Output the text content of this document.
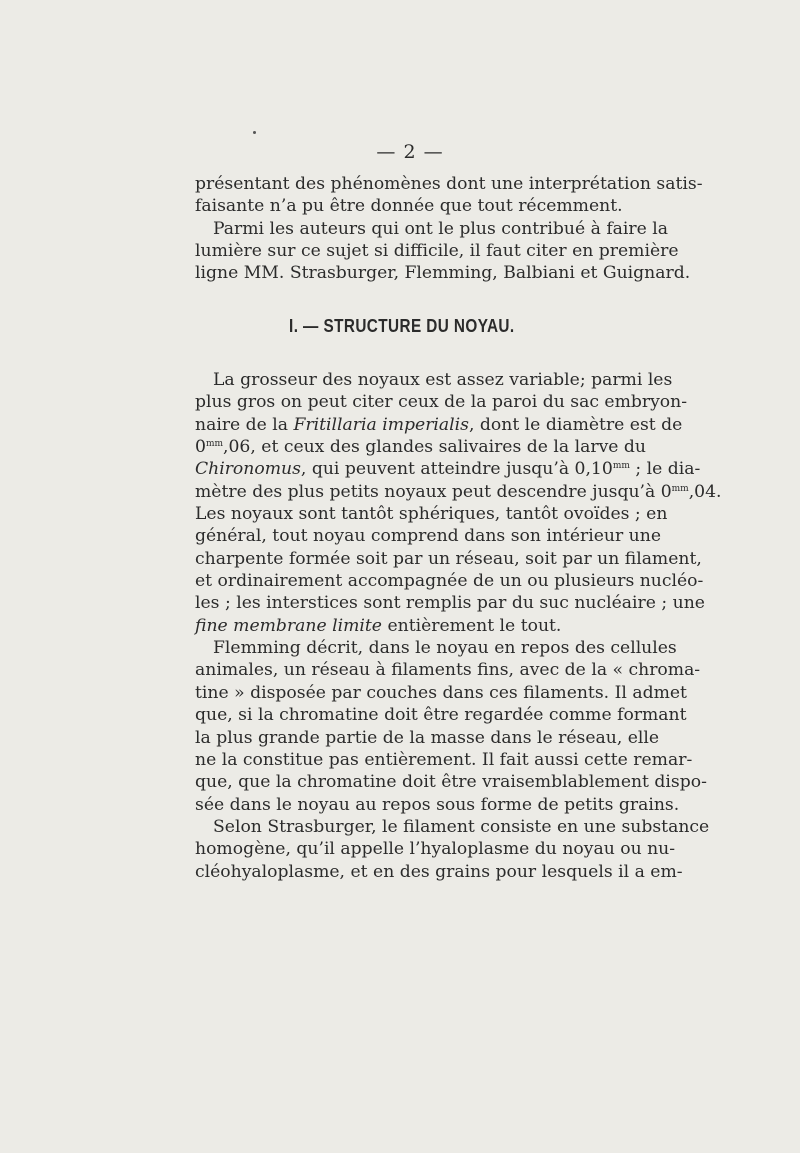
— 2 —
présentant des phénomènes dont une interprétation satis-
faisante n’a pu être donnée que tout récemment.
Parmi les auteurs qui ont le plus contribué à faire la
lumière sur ce sujet si difficile, il faut citer en première
ligne MM. Strasburger, Flemming, Balbiani et Guignard.
I. — STRUCTURE DU NOYAU.
La grosseur des noyaux est assez variable; parmi les
plus gros on peut citer ceux de la paroi du sac embryon-
naire de la Fritillaria imperialis, dont le diamètre est de
$0^{mm},06$, et ceux des glandes salivaires de la larve du
Chironomus, qui peuvent atteindre jusqu’à $0,10^{mm}$ ; le dia-
mètre des plus petits noyaux peut descendre jusqu’à $0^{mm},04$.
Les noyaux sont tantôt sphériques, tantôt ovoïdes ; en
général, tout noyau comprend dans son intérieur une
charpente formée soit par un réseau, soit par un filament,
et ordinairement accompagnée de un ou plusieurs nucléo-
les ; les interstices sont remplis par du suc nucléaire ; une
fine membrane limite entièrement le tout.
Flemming décrit, dans le noyau en repos des cellules
animales, un réseau à filaments fins, avec de la « chroma-
tine » disposée par couches dans ces filaments. Il admet
que, si la chromatine doit être regardée comme formant
la plus grande partie de la masse dans le réseau, elle
ne la constitue pas entièrement. Il fait aussi cette remar-
que, que la chromatine doit être vraisemblablement dispo-
sée dans le noyau au repos sous forme de petits grains.
Selon Strasburger, le filament consiste en une substance
homogène, qu’il appelle l’hyaloplasme du noyau ou nu-
cléohyaloplasme, et en des grains pour lesquels il a em-
